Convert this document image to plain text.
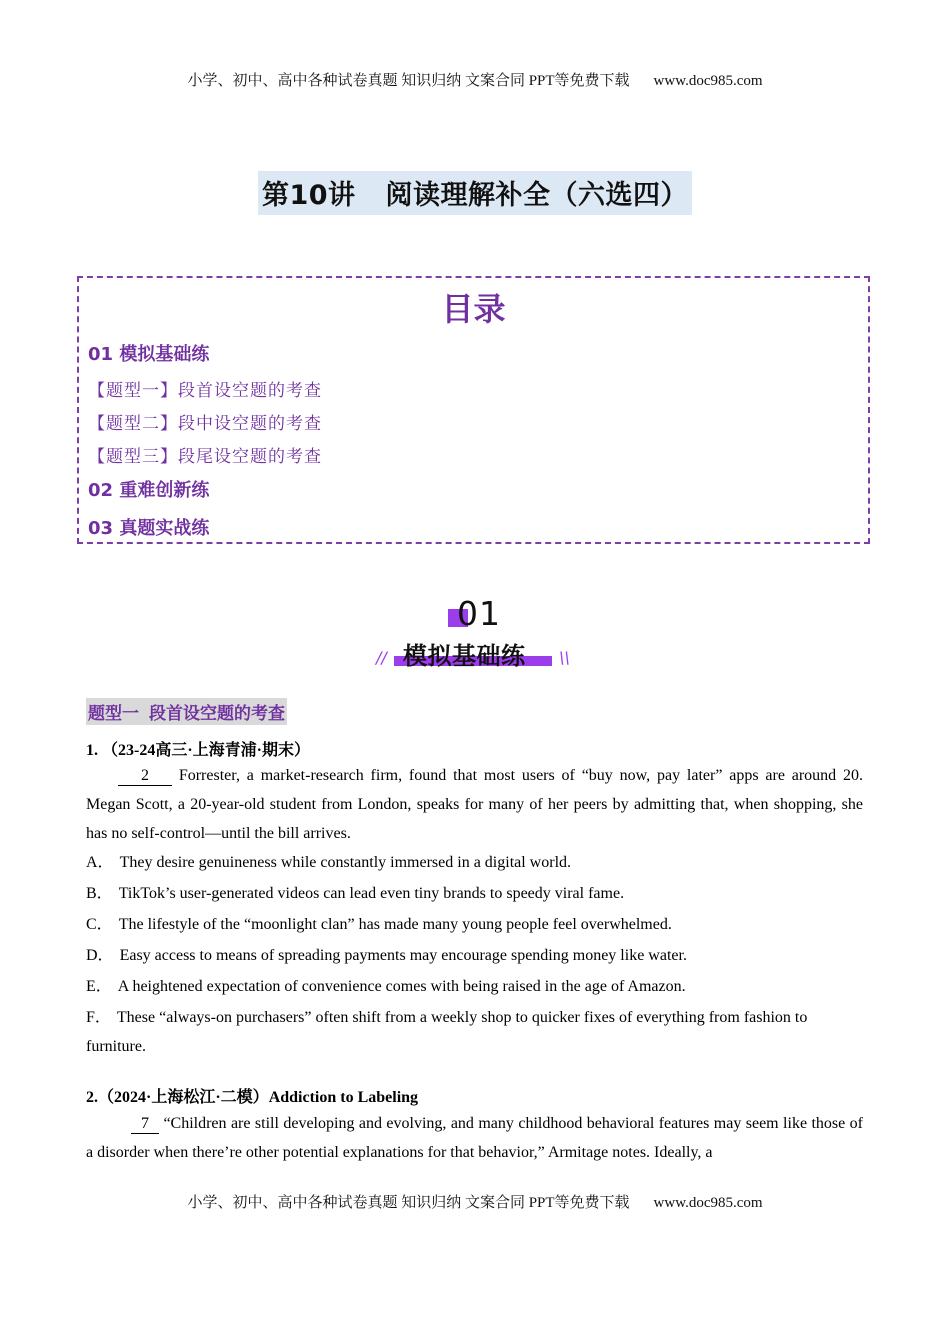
小学、初中、高中各种试卷真题 知识归纳 文案合同 PPT等免费下载 www.doc985.com
第10讲 阅读理解补全（六选四）
目录
01 模拟基础练
【题型一】段首设空题的考查
【题型二】段中设空题的考查
【题型三】段尾设空题的考查
02 重难创新练
03 真题实战练
01
模拟基础练
//	\\
题型一 段首设空题的考查
1. （23-24高三·上海青浦·期末）
2 Forrester, a market-research firm, found that most users of “buy now, pay later” apps are around 20. Megan Scott, a 20-year-old student from London, speaks for many of her peers by admitting that, when shopping, she has no self-control—until the bill arrives.
A． They desire genuineness while constantly immersed in a digital world.
B． TikTok’s user-generated videos can lead even tiny brands to speedy viral fame.
C． The lifestyle of the “moonlight clan” has made many young people feel overwhelmed.
D． Easy access to means of spreading payments may encourage spending money like water.
E． A heightened expectation of convenience comes with being raised in the age of Amazon.
F． These “always-on purchasers” often shift from a weekly shop to quicker fixes of everything from fashion to furniture.
2.（2024·上海松江·二模）Addiction to Labeling
7 “Children are still developing and evolving, and many childhood behavioral features may seem like those of a disorder when there’re other potential explanations for that behavior,” Armitage notes. Ideally, a
小学、初中、高中各种试卷真题 知识归纳 文案合同 PPT等免费下载 www.doc985.com
